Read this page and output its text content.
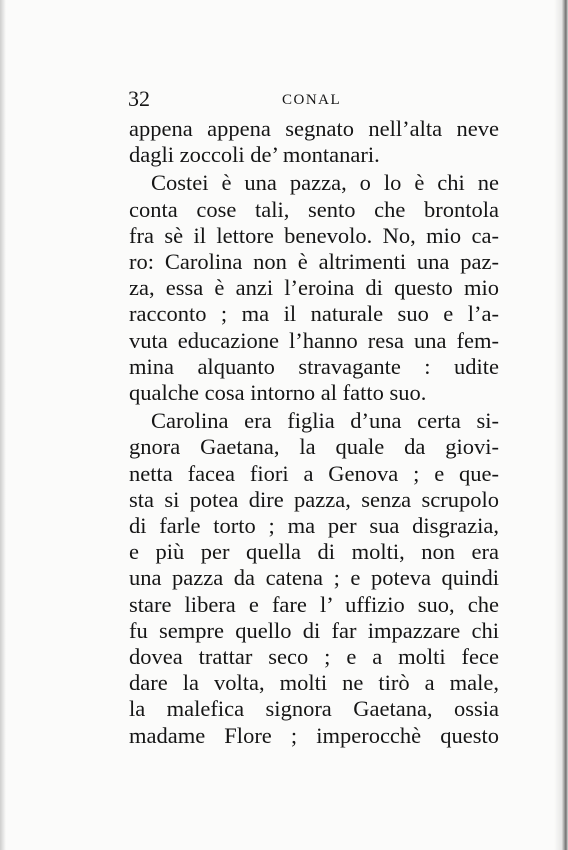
32	CONAL
appena appena segnato nell’alta neve
dagli zoccoli de’ montanari.
Costei è una pazza, o lo è chi ne
conta cose tali, sento che brontola
fra sè il lettore benevolo. No, mio ca-
ro: Carolina non è altrimenti una paz-
za, essa è anzi l’eroina di questo mio
racconto ; ma il naturale suo e l’a-
vuta educazione l’hanno resa una fem-
mina alquanto stravagante : udite
qualche cosa intorno al fatto suo.
Carolina era figlia d’una certa si-
gnora Gaetana, la quale da giovi-
netta facea fiori a Genova ; e que-
sta si potea dire pazza, senza scrupolo
di farle torto ; ma per sua disgrazia,
e più per quella di molti, non era
una pazza da catena ; e poteva quindi
stare libera e fare l’ uffizio suo, che
fu sempre quello di far impazzare chi
dovea trattar seco ; e a molti fece
dare la volta, molti ne tirò a male,
la malefica signora Gaetana, ossia
madame Flore ; imperocchè questo
